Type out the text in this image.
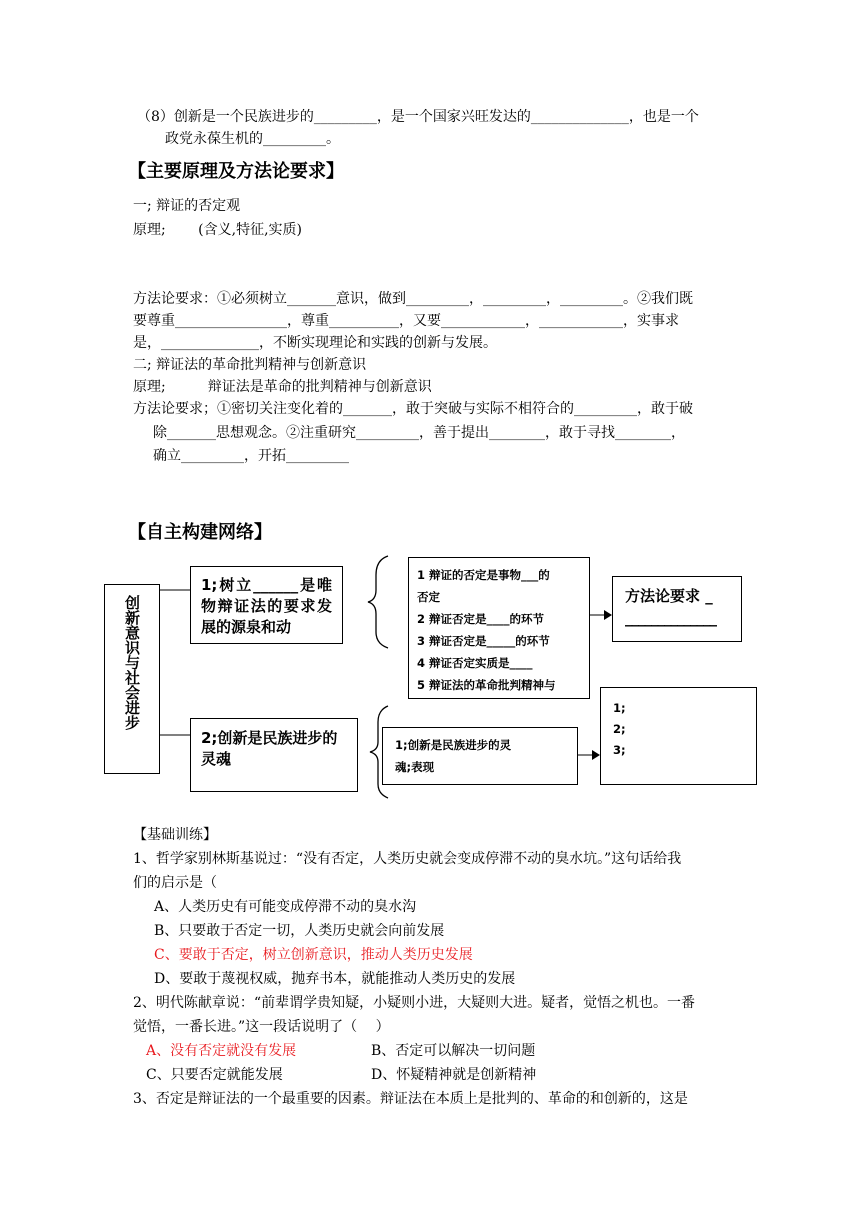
（8）创新是一个民族进步的_________，是一个国家兴旺发达的______________，也是一个
政党永葆生机的_________。
【主要原理及方法论要求】
一; 辩证的否定观
原理;　　 (含义,特征,实质)
方法论要求：①必须树立_______意识，做到_________，_________，_________。②我们既
要尊重________________，尊重__________，又要____________，____________，实事求
是，______________，不断实现理论和实践的创新与发展。
二; 辩证法的革命批判精神与创新意识
原理;　　　辩证法是革命的批判精神与创新意识
方法论要求；①密切关注变化着的_______，敢于突破与实际不相符合的_________，敢于破
除_______思想观念。②注重研究_________，善于提出________，敢于寻找________，
确立_________，开拓_________
【自主构建网络】
创新意识与社会进步
1;树立______是唯物辩证法的要求发展的源泉和动
2;创新是民族进步的灵魂
1 辩证的否定是事物___的
否定
2 辩证否定是____的环节
3 辩证否定是_____的环节
4 辩证否定实质是____
5 辩证法的革命批判精神与
方法论要求 _
______________
1;创新是民族进步的灵魂;表现
1;
2;
3;
【基础训练】
1、哲学家别林斯基说过：“没有否定，人类历史就会变成停滞不动的臭水坑。”这句话给我
们的启示是（
A、人类历史有可能变成停滞不动的臭水沟
B、只要敢于否定一切，人类历史就会向前发展
C、要敢于否定，树立创新意识，推动人类历史发展
D、要敢于蔑视权威，抛弃书本，就能推动人类历史的发展
2、明代陈献章说：“前辈谓学贵知疑，小疑则小进，大疑则大进。疑者，觉悟之机也。一番
觉悟，一番长进。”这一段话说明了（　 ）
A、没有否定就没有发展	B、否定可以解决一切问题
C、只要否定就能发展	D、怀疑精神就是创新精神
3、否定是辩证法的一个最重要的因素。辩证法在本质上是批判的、革命的和创新的，这是
